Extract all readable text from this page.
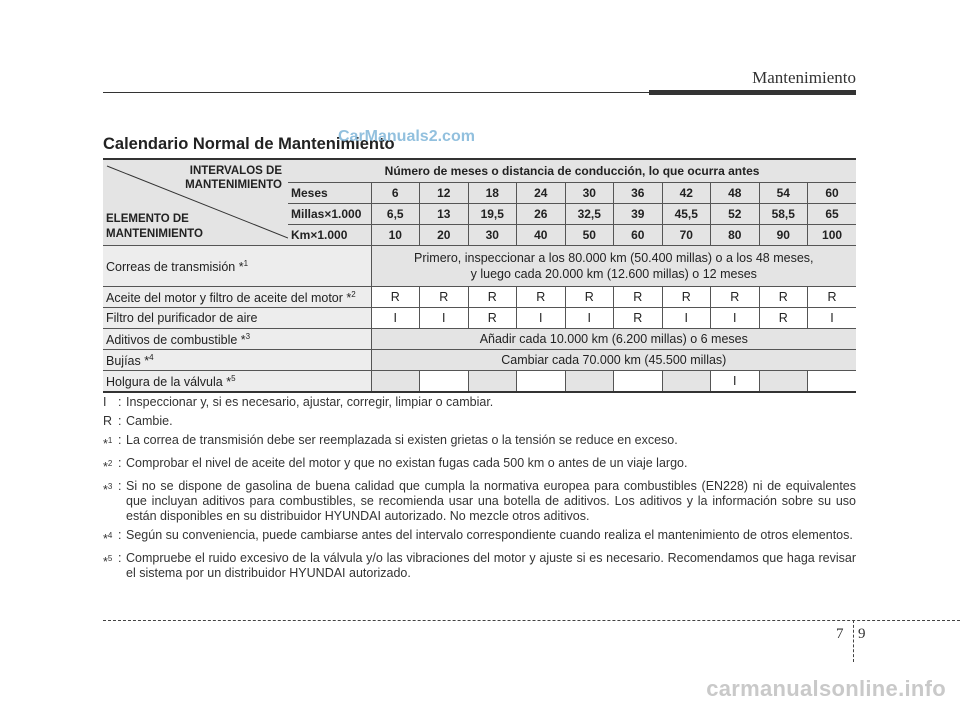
Mantenimiento
Calendario Normal de Mantenimiento
CarManuals2.com
INTERVALOS DE
MANTENIMIENTO
ELEMENTO DE
MANTENIMIENTO	Número de meses o distancia de conducción, lo que ocurra antes										
	Meses	6	12	18	24	30	36	42	48	54	60
	Millas×1.000	6,5	13	19,5	26	32,5	39	45,5	52	58,5	65
	Km×1.000	10	20	30	40	50	60	70	80	90	100
Correas de transmisión *$^1$		Primero, inspeccionar a los 80.000 km (50.400 millas) o a los 48 meses,
y luego cada 20.000 km (12.600 millas) o 12 meses									

Aceite del motor y filtro de aceite del motor *$^2$		R	R	R	R	R	R	R	R	R	R
Filtro del purificador de aire		I	I	R	I	I	R	I	I	R	I
Aditivos de combustible *$^3$		Añadir cada 10.000 km (6.200 millas) o 6 meses									

Bujías *$^4$		Cambiar cada 70.000 km (45.500 millas)									

Holgura de la válvula *$^5$									I		
I : Inspeccionar y, si es necesario, ajustar, corregir, limpiar o cambiar.
R : Cambie.
*$^1$ : La correa de transmisión debe ser reemplazada si existen grietas o la tensión se reduce en exceso.
*$^2$ : Comprobar el nivel de aceite del motor y que no existan fugas cada 500 km o antes de un viaje largo.
*$^3$ : Si no se dispone de gasolina de buena calidad que cumpla la normativa europea para combustibles (EN228) ni de equivalentes que incluyan aditivos para combustibles, se recomienda usar una botella de aditivos. Los aditivos y la información sobre su uso están disponibles en su distribuidor HYUNDAI autorizado. No mezcle otros aditivos.
*$^4$ : Según su conveniencia, puede cambiarse antes del intervalo correspondiente cuando realiza el mantenimiento de otros elementos.
*$^5$ : Compruebe el ruido excesivo de la válvula y/o las vibraciones del motor y ajuste si es necesario. Recomendamos que haga revisar el sistema por un distribuidor HYUNDAI autorizado.
7 9
carmanualsonline.info
